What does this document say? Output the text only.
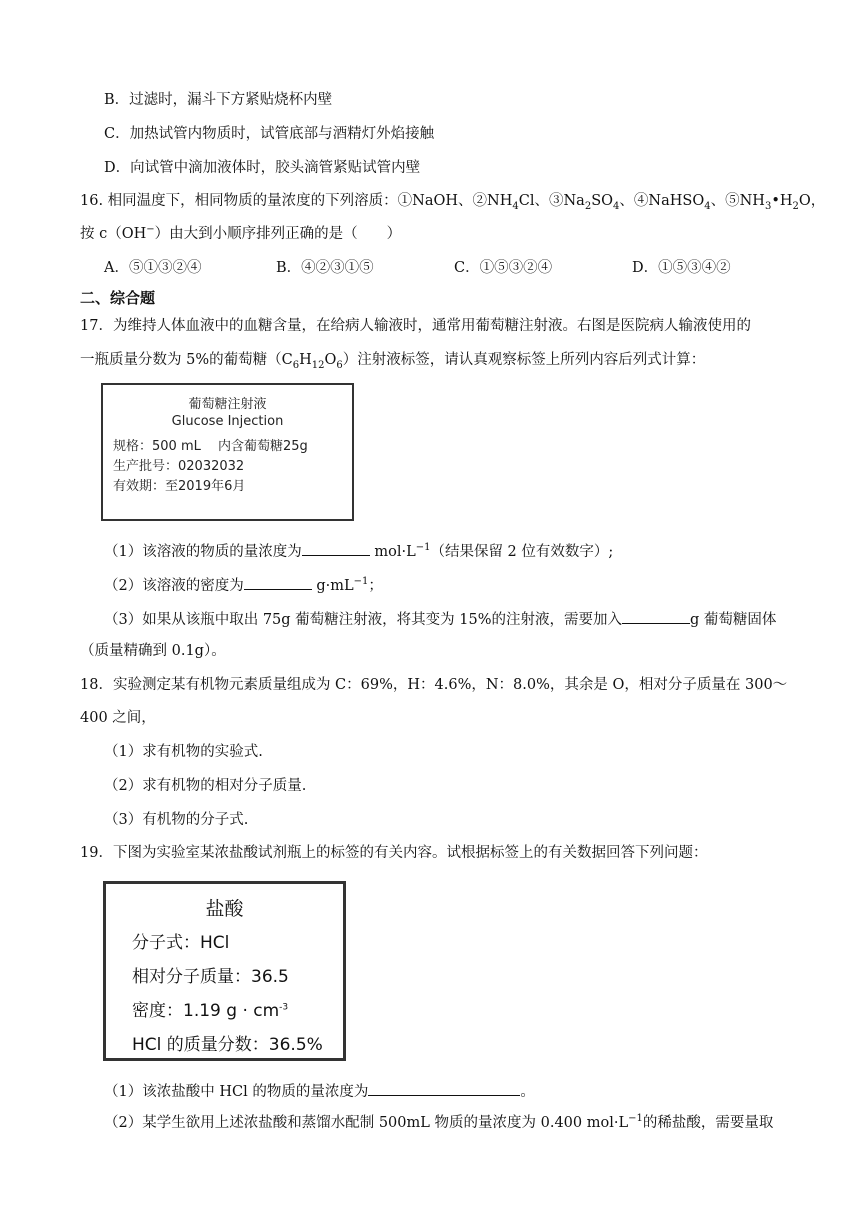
B．过滤时，漏斗下方紧贴烧杯内壁
C．加热试管内物质时，试管底部与酒精灯外焰接触
D．向试管中滴加液体时，胶头滴管紧贴试管内壁
16. 相同温度下，相同物质的量浓度的下列溶质：①NaOH、$②NH_4Cl$、$③Na_2SO_4$、④NaHSO$_4$、$⑤NH_3•H_2O$，
按 c（OH−）由大到小顺序排列正确的是（　　）
A．⑤①③②④	B．④②③①⑤	C．①⑤③②④	D．①⑤③④②
二、综合题
17．为维持人体血液中的血糖含量，在给病人输液时，通常用葡萄糖注射液。右图是医院病人输液使用的
一瓶质量分数为 5%的葡萄糖$(C_6H_{12}O_6)$注射液标签，请认真观察标签上所列内容后列式计算：
葡萄糖注射液
Glucose Injection
规格：500 mL　 内含葡萄糖25g
生产批号：02032032
有效期：至2019年6月
（1）该溶液的物质的量浓度为	$mol\cdot L^{-1}$（结果保留 2 位有效数字）;
（2）该溶液的密度为	$g\cdot mL^{-1}$；
（3）如果从该瓶中取出 75g 葡萄糖注射液，将其变为 15%的注射液，需要加入	g 葡萄糖固体
（质量精确到 0.1g）。
18．实验测定某有机物元素质量组成为 C：69%，H：4.6%，N：8.0%，其余是 O，相对分子质量在 300～
400 之间，
（1）求有机物的实验式.
（2）求有机物的相对分子质量.
（3）有机物的分子式.
19．下图为实验室某浓盐酸试剂瓶上的标签的有关内容。试根据标签上的有关数据回答下列问题：
盐酸
分子式：HCl
相对分子质量：36.5
密度：1.19 $g \cdot cm^{-3}$
HCl 的质量分数：36.5%
（1）该浓盐酸中 HCl 的物质的量浓度为	。
（2）某学生欲用上述浓盐酸和蒸馏水配制 500mL 物质的量浓度为 0.400 $mol\cdot L^{-1}$的稀盐酸，需要量取
